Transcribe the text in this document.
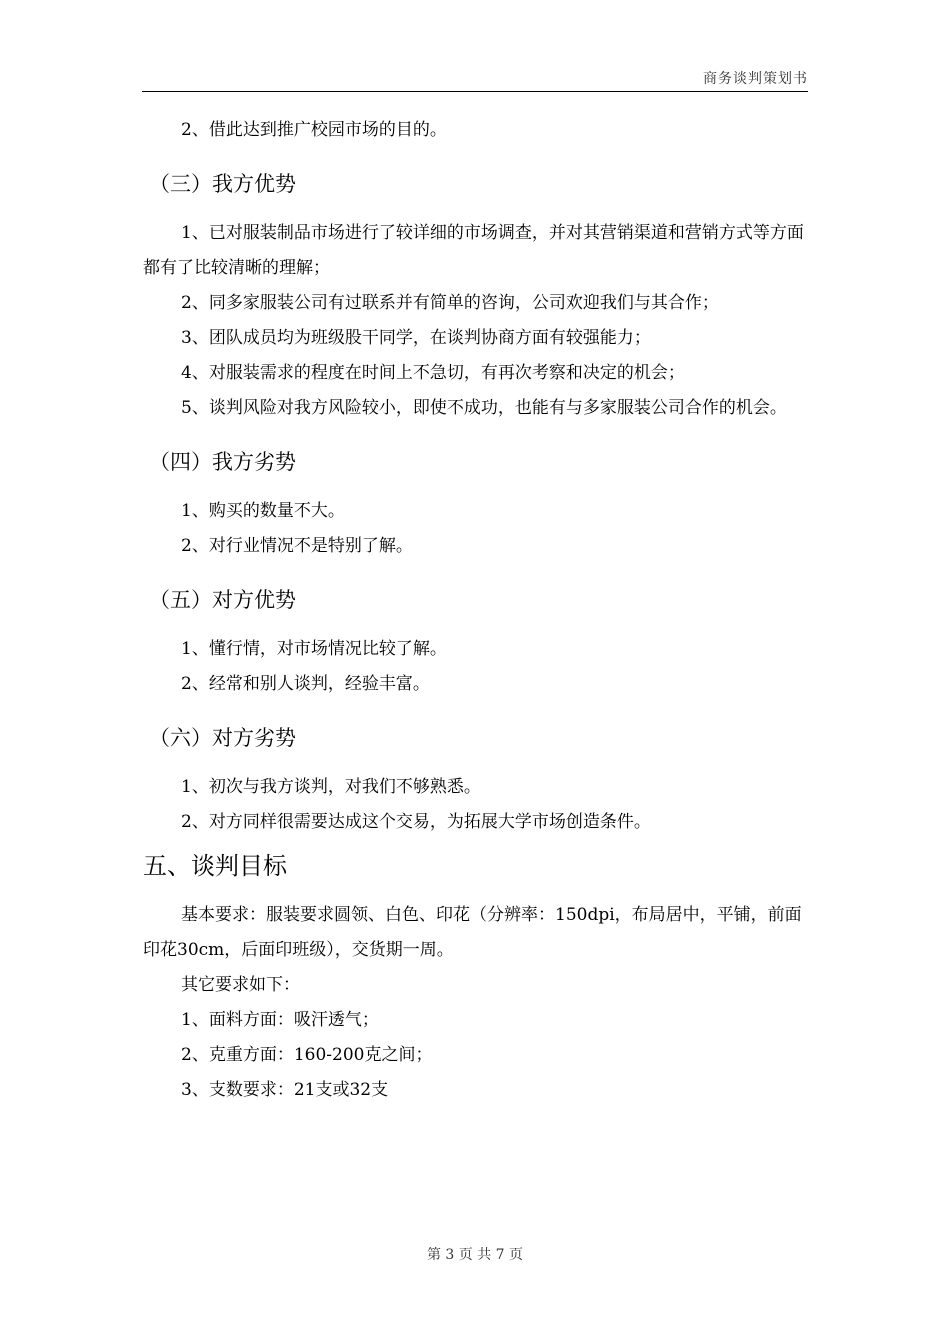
商务谈判策划书

2、借此达到推广校园市场的目的。

（三）我方优势

1、已对服装制品市场进行了较详细的市场调查，并对其营销渠道和营销方式等方面都有了比较清晰的理解；

2、同多家服装公司有过联系并有简单的咨询，公司欢迎我们与其合作；

3、团队成员均为班级股干同学，在谈判协商方面有较强能力；

4、对服装需求的程度在时间上不急切，有再次考察和决定的机会；

5、谈判风险对我方风险较小，即使不成功，也能有与多家服装公司合作的机会。

（四）我方劣势

1、购买的数量不大。

2、对行业情况不是特别了解。

（五）对方优势

1、懂行情，对市场情况比较了解。

2、经常和别人谈判，经验丰富。

（六）对方劣势

1、初次与我方谈判，对我们不够熟悉。

2、对方同样很需要达成这个交易，为拓展大学市场创造条件。

五、谈判目标

基本要求：服装要求圆领、白色、印花（分辨率：150dpi，布局居中，平铺，前面印花30cm，后面印班级），交货期一周。

其它要求如下：

1、面料方面：吸汗透气；

2、克重方面：160-200克之间；

3、支数要求：21支或32支

第 3 页 共 7 页
